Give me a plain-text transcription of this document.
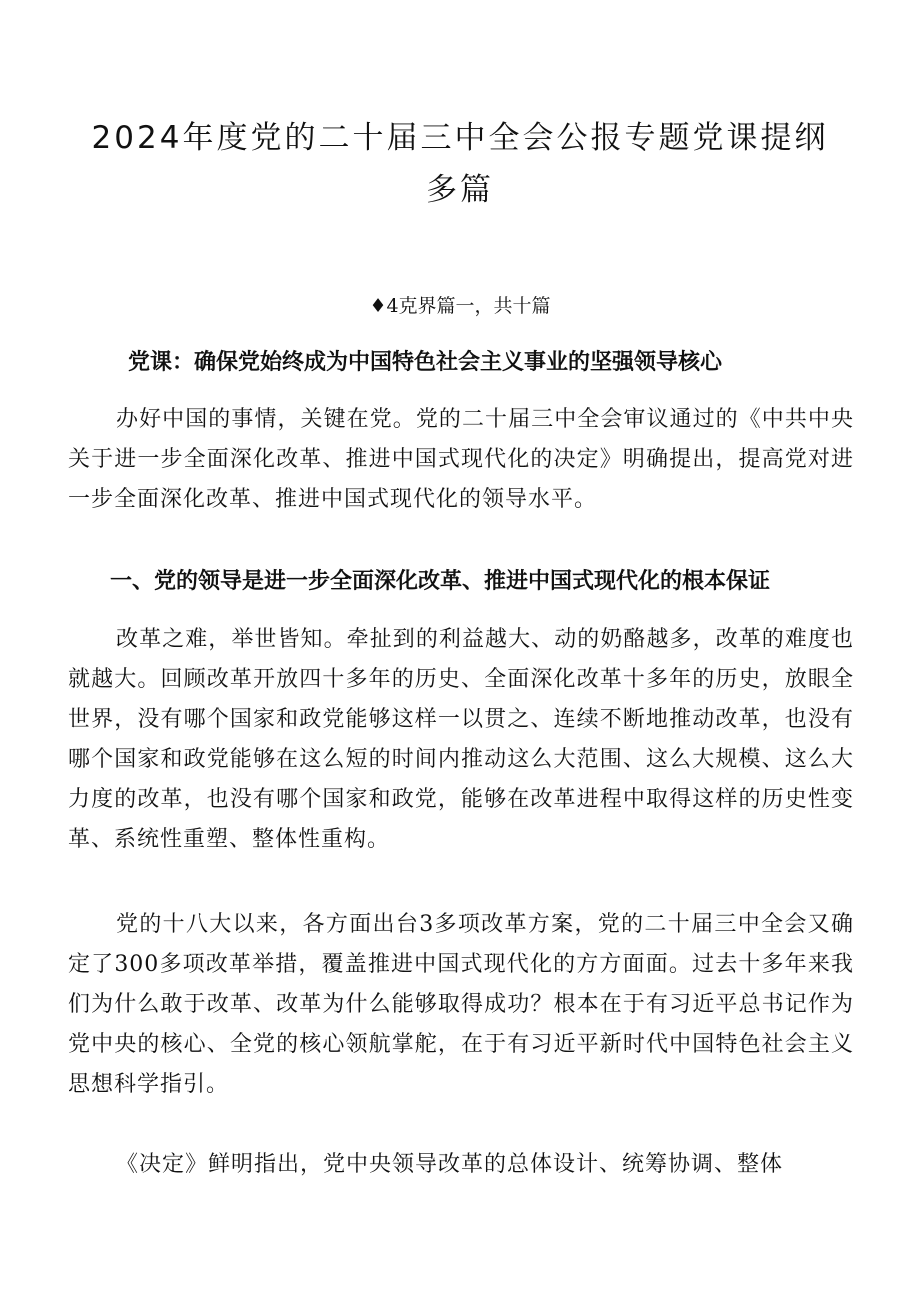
2024年度党的二十届三中全会公报专题党课提纲多篇
♦4克界篇一，共十篇
党课：确保党始终成为中国特色社会主义事业的坚强领导核心

办好中国的事情，关键在党。党的二十届三中全会审议通过的《中共中央关于进一步全面深化改革、推进中国式现代化的决定》明确提出，提高党对进一步全面深化改革、推进中国式现代化的领导水平。

一、党的领导是进一步全面深化改革、推进中国式现代化的根本保证

改革之难，举世皆知。牵扯到的利益越大、动的奶酪越多，改革的难度也就越大。回顾改革开放四十多年的历史、全面深化改革十多年的历史，放眼全世界，没有哪个国家和政党能够这样一以贯之、连续不断地推动改革，也没有哪个国家和政党能够在这么短的时间内推动这么大范围、这么大规模、这么大力度的改革，也没有哪个国家和政党，能够在改革进程中取得这样的历史性变革、系统性重塑、整体性重构。

党的十八大以来，各方面出台3多项改革方案，党的二十届三中全会又确定了300多项改革举措，覆盖推进中国式现代化的方方面面。过去十多年来我们为什么敢于改革、改革为什么能够取得成功？根本在于有习近平总书记作为党中央的核心、全党的核心领航掌舵，在于有习近平新时代中国特色社会主义思想科学指引。

《决定》鲜明指出，党中央领导改革的总体设计、统筹协调、整体
